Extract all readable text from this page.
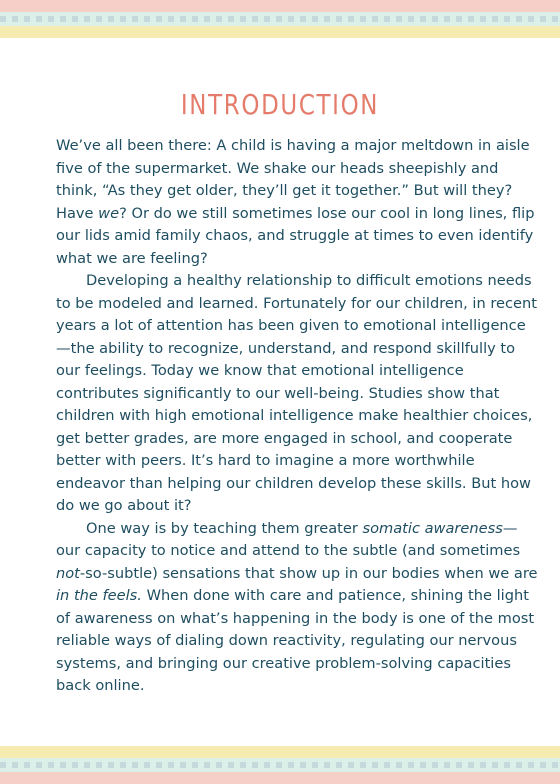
INTRODUCTION

We’ve all been there: A child is having a major meltdown in aisle five of the supermarket. We shake our heads sheepishly and think, “As they get older, they’ll get it together.” But will they? Have we? Or do we still sometimes lose our cool in long lines, flip our lids amid family chaos, and struggle at times to even identify what we are feeling?

Developing a healthy relationship to difficult emotions needs to be modeled and learned. Fortunately for our children, in recent years a lot of attention has been given to emotional intelligence—the ability to recognize, understand, and respond skillfully to our feelings. Today we know that emotional intelligence contributes significantly to our well-being. Studies show that children with high emotional intelligence make healthier choices, get better grades, are more engaged in school, and cooperate better with peers. It’s hard to imagine a more worthwhile endeavor than helping our children develop these skills. But how do we go about it?

One way is by teaching them greater somatic awareness—our capacity to notice and attend to the subtle (and sometimes not-so-subtle) sensations that show up in our bodies when we are in the feels. When done with care and patience, shining the light of awareness on what’s happening in the body is one of the most reliable ways of dialing down reactivity, regulating our nervous systems, and bringing our creative problem-solving capacities back online.
